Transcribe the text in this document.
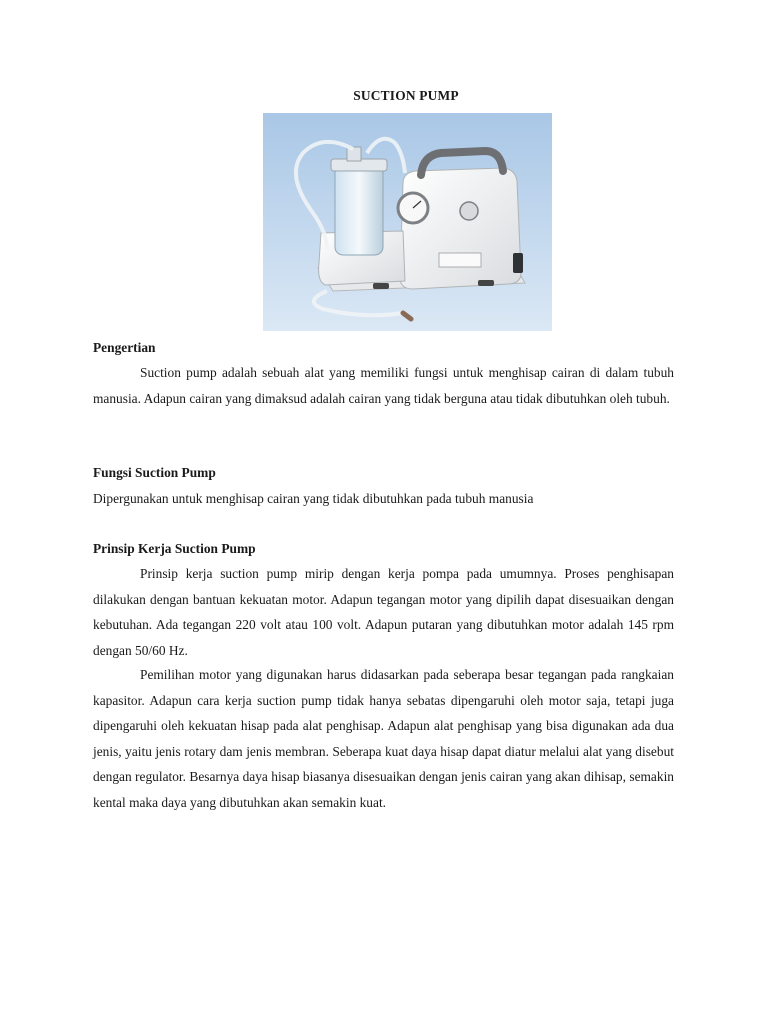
SUCTION PUMP
Pengertian
Suction pump adalah sebuah alat yang memiliki fungsi untuk menghisap cairan di dalam tubuh manusia. Adapun cairan yang dimaksud adalah cairan yang tidak berguna atau tidak dibutuhkan oleh tubuh.
Fungsi Suction Pump
Dipergunakan untuk menghisap cairan yang tidak dibutuhkan pada tubuh manusia
Prinsip Kerja Suction Pump
Prinsip kerja suction pump mirip dengan kerja pompa pada umumnya. Proses penghisapan dilakukan dengan bantuan kekuatan motor. Adapun tegangan motor yang dipilih dapat disesuaikan dengan kebutuhan. Ada tegangan 220 volt atau 100 volt. Adapun putaran yang dibutuhkan motor adalah 145 rpm dengan 50/60 Hz.
Pemilihan motor yang digunakan harus didasarkan pada seberapa besar tegangan pada rangkaian kapasitor. Adapun cara kerja suction pump tidak hanya sebatas dipengaruhi oleh motor saja, tetapi juga dipengaruhi oleh kekuatan hisap pada alat penghisap. Adapun alat penghisap yang bisa digunakan ada dua jenis, yaitu jenis rotary dam jenis membran. Seberapa kuat daya hisap dapat diatur melalui alat yang disebut dengan regulator. Besarnya daya hisap biasanya disesuaikan dengan jenis cairan yang akan dihisap, semakin kental maka daya yang dibutuhkan akan semakin kuat.
